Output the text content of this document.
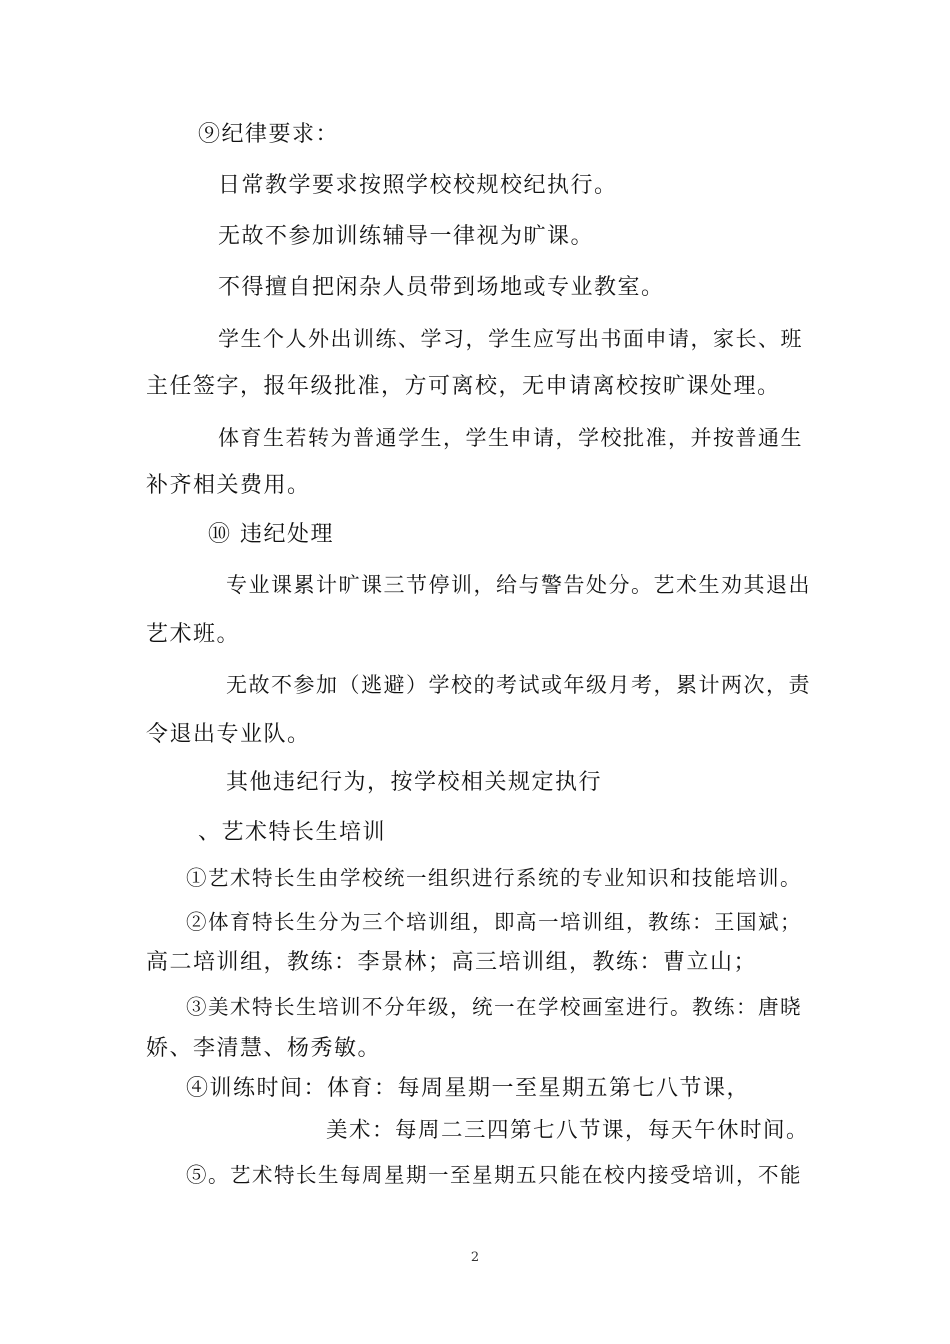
⑨纪律要求：
日常教学要求按照学校校规校纪执行。
无故不参加训练辅导一律视为旷课。
不得擅自把闲杂人员带到场地或专业教室。
学生个人外出训练、学习，学生应写出书面申请，家长、班
主任签字，报年级批准，方可离校，无申请离校按旷课处理。
体育生若转为普通学生，学生申请，学校批准，并按普通生
补齐相关费用。
⑩ 违纪处理
专业课累计旷课三节停训，给与警告处分。艺术生劝其退出
艺术班。
无故不参加（逃避）学校的考试或年级月考，累计两次，责
令退出专业队。
其他违纪行为，按学校相关规定执行
、艺术特长生培训
①艺术特长生由学校统一组织进行系统的专业知识和技能培训。
②体育特长生分为三个培训组，即高一培训组，教练：王国斌；
高二培训组，教练：李景林；高三培训组，教练：曹立山；
③美术特长生培训不分年级，统一在学校画室进行。教练：唐晓
娇、李清慧、杨秀敏。
④训练时间：体育：每周星期一至星期五第七八节课，
美术：每周二三四第七八节课，每天午休时间。
⑤。艺术特长生每周星期一至星期五只能在校内接受培训，不能
2
